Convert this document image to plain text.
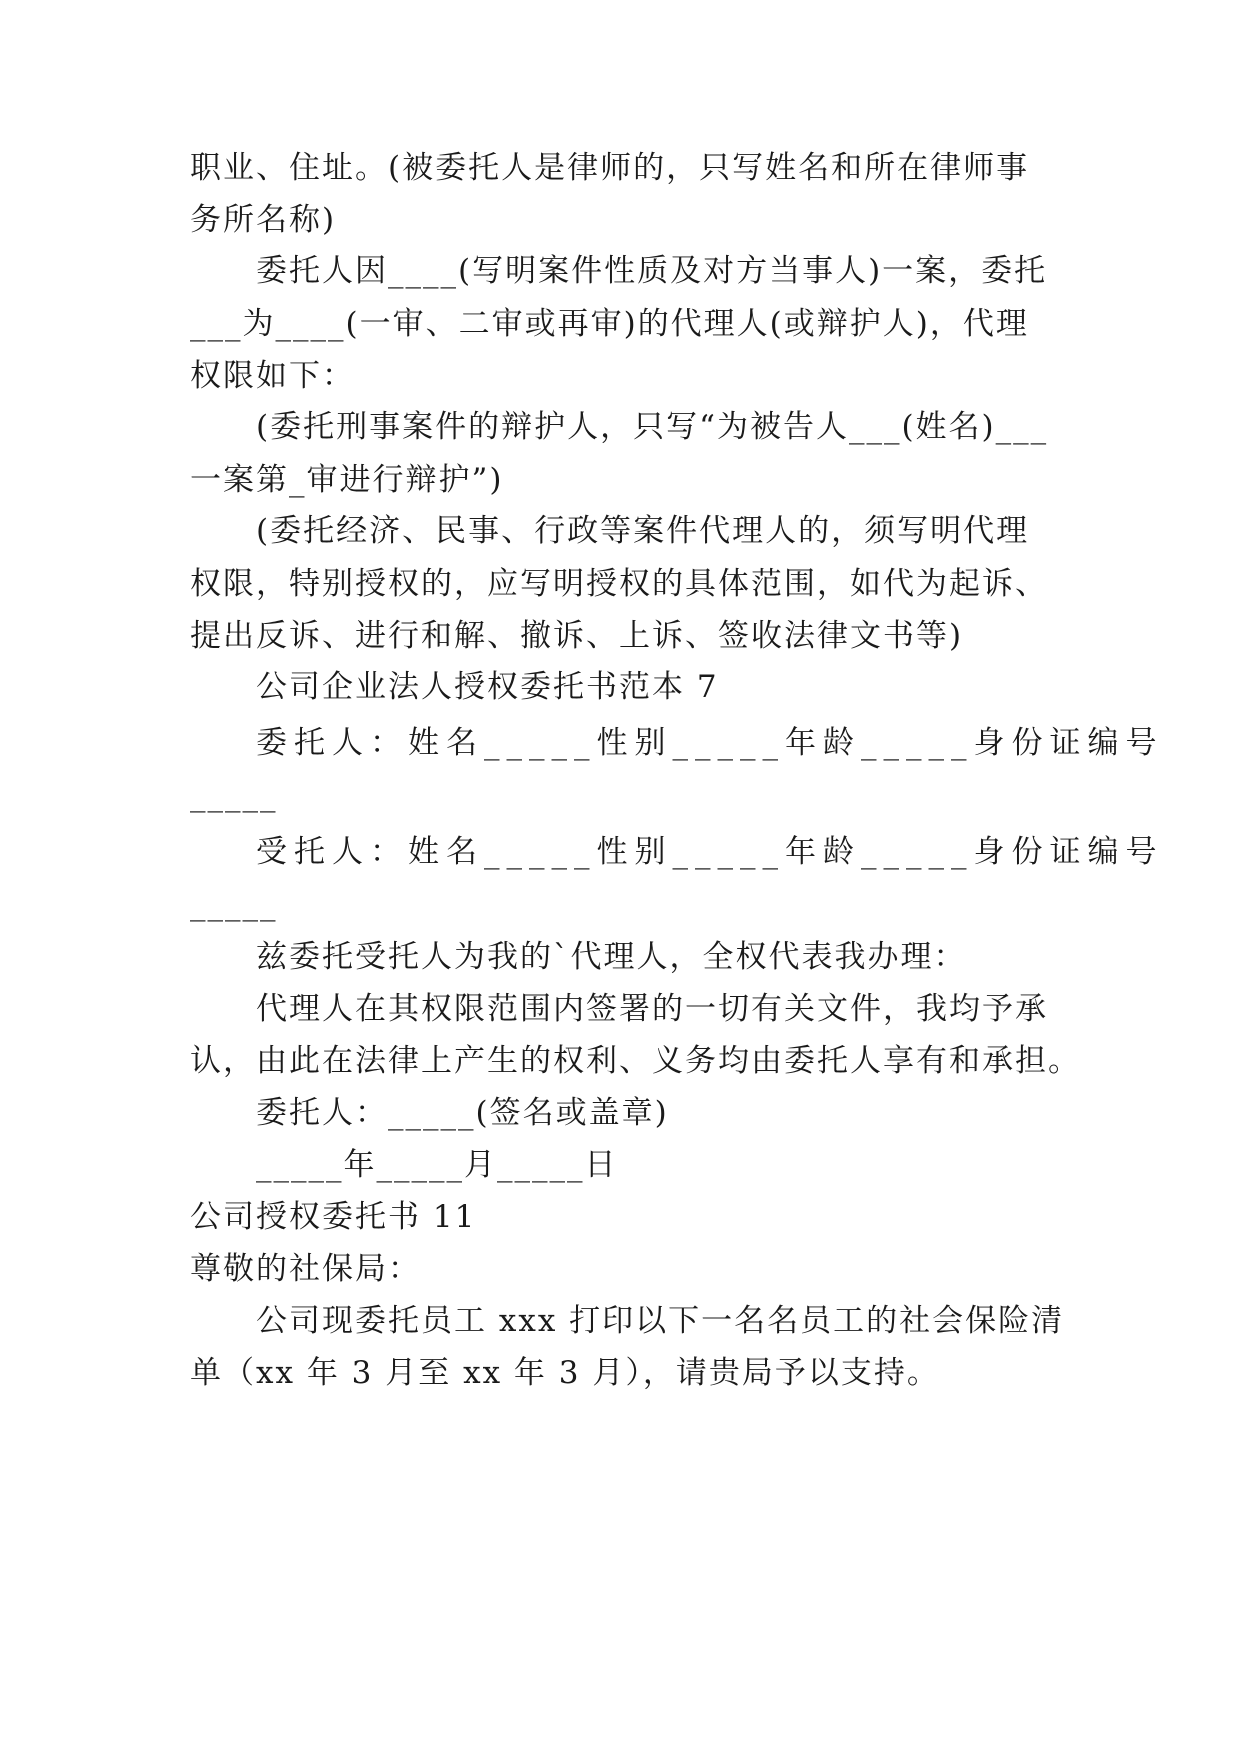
职业、住址。(被委托人是律师的，只写姓名和所在律师事
务所名称)
委托人因____(写明案件性质及对方当事人)一案，委托
___为____(一审、二审或再审)的代理人(或辩护人)，代理
权限如下：
(委托刑事案件的辩护人，只写“为被告人___(姓名)___
一案第_审进行辩护”)
(委托经济、民事、行政等案件代理人的，须写明代理
权限，特别授权的，应写明授权的具体范围，如代为起诉、
提出反诉、进行和解、撤诉、上诉、签收法律文书等)
公司企业法人授权委托书范本 7
委托人：姓名_____性别_____年龄_____身份证编号
_____
受托人：姓名_____性别_____年龄_____身份证编号
_____
兹委托受托人为我的`代理人，全权代表我办理：
代理人在其权限范围内签署的一切有关文件，我均予承
认，由此在法律上产生的权利、义务均由委托人享有和承担。
委托人：_____(签名或盖章)
_____年_____月_____日
公司授权委托书 11
尊敬的社保局：
公司现委托员工 xxx 打印以下一名名员工的社会保险清
单（xx 年 3 月至 xx 年 3 月），请贵局予以支持。
